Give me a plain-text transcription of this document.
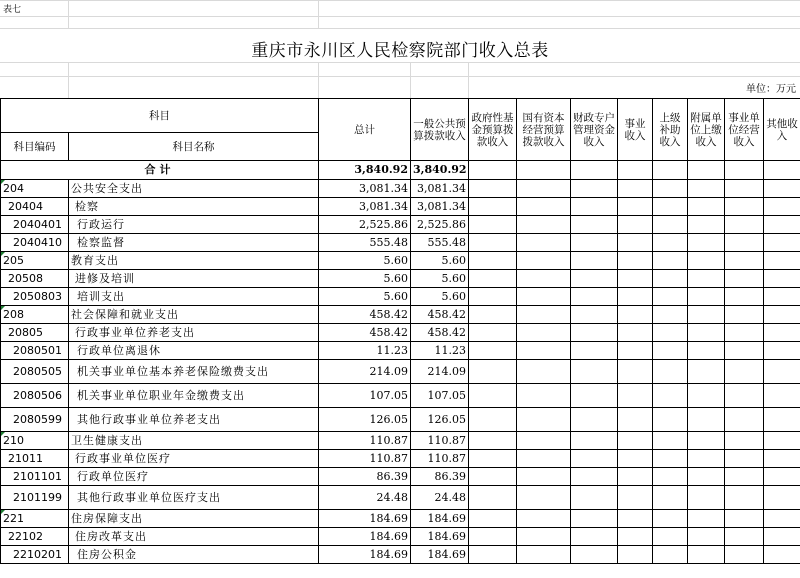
表七
重庆市永川区人民检察院部门收入总表
单位：万元
科目		总计	一般公共预算拨款收入	政府性基金预算拨款收入	国有资本经营预算拨款收入	财政专户管理资金收入	事业收入	上级补助收入	附属单位上缴收入	事业单位经营收入	其他收入
科目编码	科目名称										
合计		3,840.92	3,840.92								
204	公共安全支出	3,081.34	3,081.34								
20404	检察	3,081.34	3,081.34								
2040401	行政运行	2,525.86	2,525.86								
2040410	检察监督	555.48	555.48								
205	教育支出	5.60	5.60								
20508	进修及培训	5.60	5.60								
2050803	培训支出	5.60	5.60								
208	社会保障和就业支出	458.42	458.42								
20805	行政事业单位养老支出	458.42	458.42								
2080501	行政单位离退休	11.23	11.23								
2080505	机关事业单位基本养老保险缴费支出	214.09	214.09								
2080506	机关事业单位职业年金缴费支出	107.05	107.05								
2080599	其他行政事业单位养老支出	126.05	126.05								
210	卫生健康支出	110.87	110.87								
21011	行政事业单位医疗	110.87	110.87								
2101101	行政单位医疗	86.39	86.39								
2101199	其他行政事业单位医疗支出	24.48	24.48								
221	住房保障支出	184.69	184.69								
22102	住房改革支出	184.69	184.69								
2210201	住房公积金	184.69	184.69								
